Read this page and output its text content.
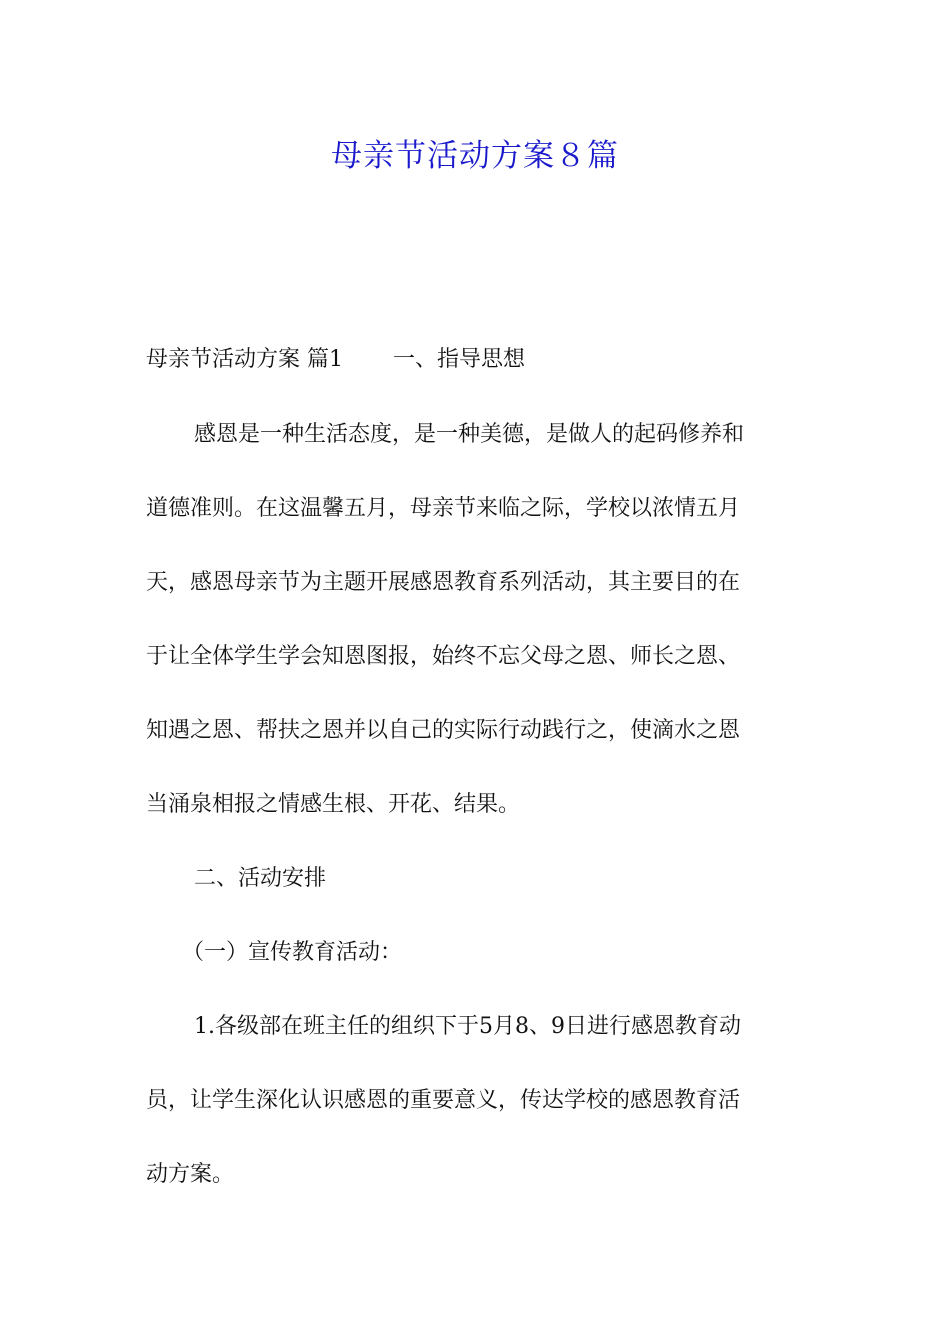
母亲节活动方案８篇

母亲节活动方案 篇1 一、指导思想

感恩是一种生活态度，是一种美德，是做人的起码修养和

道德准则。在这温馨五月，母亲节来临之际，学校以浓情五月

天，感恩母亲节为主题开展感恩教育系列活动，其主要目的在

于让全体学生学会知恩图报，始终不忘父母之恩、师长之恩、

知遇之恩、帮扶之恩并以自己的实际行动践行之，使滴水之恩

当涌泉相报之情感生根、开花、结果。

二、活动安排

（一）宣传教育活动：

1.各级部在班主任的组织下于5月8、9日进行感恩教育动

员，让学生深化认识感恩的重要意义，传达学校的感恩教育活

动方案。
